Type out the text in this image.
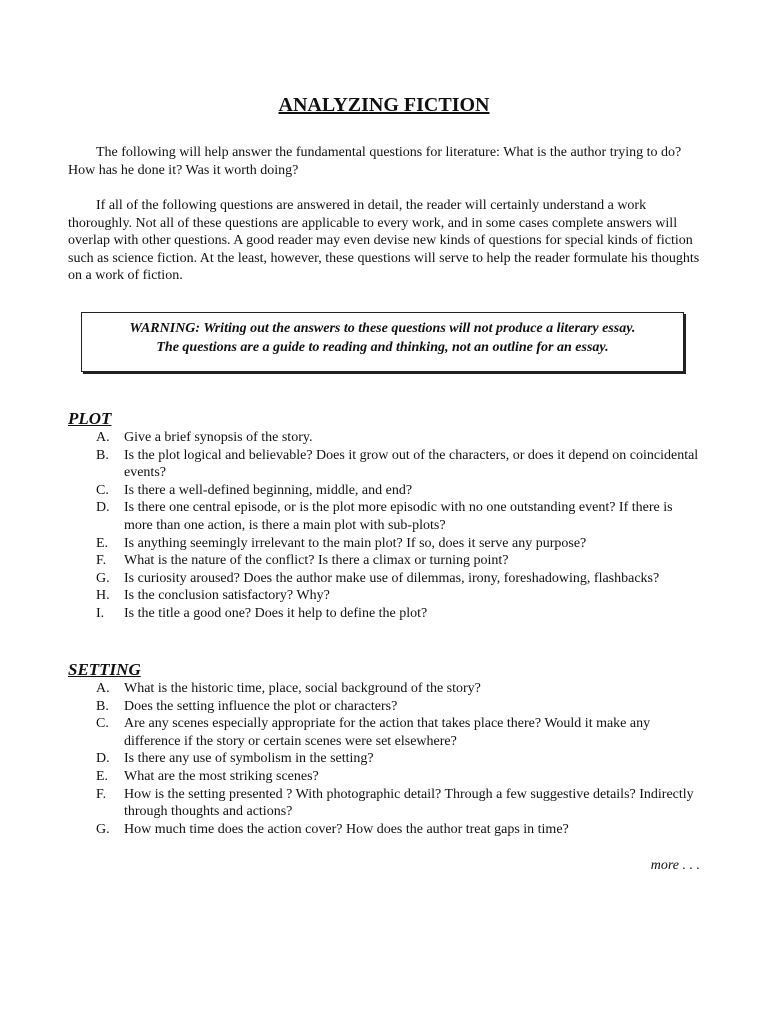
ANALYZING FICTION

The following will help answer the fundamental questions for literature: What is the author trying to do? How has he done it? Was it worth doing?

If all of the following questions are answered in detail, the reader will certainly understand a work thoroughly. Not all of these questions are applicable to every work, and in some cases complete answers will overlap with other questions. A good reader may even devise new kinds of questions for special kinds of fiction such as science fiction. At the least, however, these questions will serve to help the reader formulate his thoughts on a work of fiction.

WARNING: Writing out the answers to these questions will not produce a literary essay.
The questions are a guide to reading and thinking, not an outline for an essay.
PLOT
A. Give a brief synopsis of the story.
B. Is the plot logical and believable? Does it grow out of the characters, or does it depend on coincidental events?
C. Is there a well-defined beginning, middle, and end?
D. Is there one central episode, or is the plot more episodic with no one outstanding event? If there is more than one action, is there a main plot with sub-plots?
E. Is anything seemingly irrelevant to the main plot? If so, does it serve any purpose?
F. What is the nature of the conflict? Is there a climax or turning point?
G. Is curiosity aroused? Does the author make use of dilemmas, irony, foreshadowing, flashbacks?
H. Is the conclusion satisfactory? Why?
I. Is the title a good one? Does it help to define the plot?
SETTING
A. What is the historic time, place, social background of the story?
B. Does the setting influence the plot or characters?
C. Are any scenes especially appropriate for the action that takes place there? Would it make any difference if the story or certain scenes were set elsewhere?
D. Is there any use of symbolism in the setting?
E. What are the most striking scenes?
F. How is the setting presented ? With photographic detail? Through a few suggestive details? Indirectly through thoughts and actions?
G. How much time does the action cover? How does the author treat gaps in time?
more . . .
